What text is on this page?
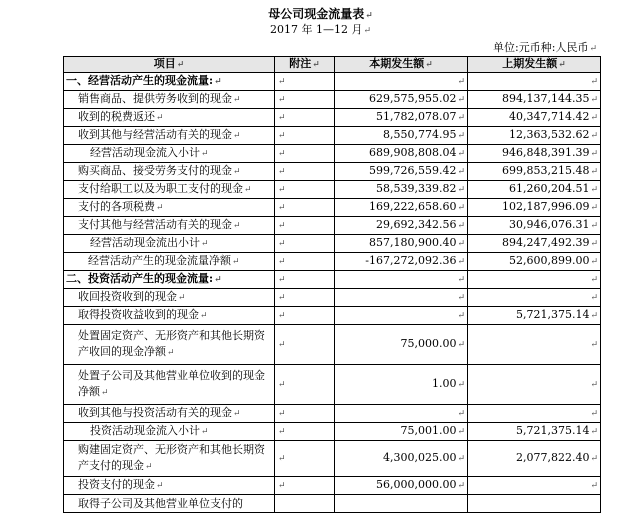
母公司现金流量表↵
2017 年 1—12 月↵
单位:元币种:人民币↵
项目↵	附注↵	本期发生额↵	上期发生额↵
一、经营活动产生的现金流量:↵	↵	↵	↵
销售商品、提供劳务收到的现金↵	↵	629,575,955.02↵	894,137,144.35↵
收到的税费返还↵	↵	51,782,078.07↵	40,347,714.42↵
收到其他与经营活动有关的现金↵	↵	8,550,774.95↵	12,363,532.62↵
经营活动现金流入小计↵	↵	689,908,808.04↵	946,848,391.39↵
购买商品、接受劳务支付的现金↵	↵	599,726,559.42↵	699,853,215.48↵
支付给职工以及为职工支付的现金↵	↵	58,539,339.82↵	61,260,204.51↵
支付的各项税费↵	↵	169,222,658.60↵	102,187,996.09↵
支付其他与经营活动有关的现金↵	↵	29,692,342.56↵	30,946,076.31↵
经营活动现金流出小计↵	↵	857,180,900.40↵	894,247,492.39↵
经营活动产生的现金流量净额↵	↵	-167,272,092.36↵	52,600,899.00↵
二、投资活动产生的现金流量:↵	↵	↵	↵
收回投资收到的现金↵	↵	↵	↵
取得投资收益收到的现金↵	↵	↵	5,721,375.14↵
处置固定资产、无形资产和其他长期资产收回的现金净额↵	↵	75,000.00↵	↵
处置子公司及其他营业单位收到的现金净额↵	↵	1.00↵	↵
收到其他与投资活动有关的现金↵	↵	↵	↵
投资活动现金流入小计↵	↵	75,001.00↵	5,721,375.14↵
购建固定资产、无形资产和其他长期资产支付的现金↵	↵	4,300,025.00↵	2,077,822.40↵
投资支付的现金↵	↵	56,000,000.00↵	↵
取得子公司及其他营业单位支付的			
